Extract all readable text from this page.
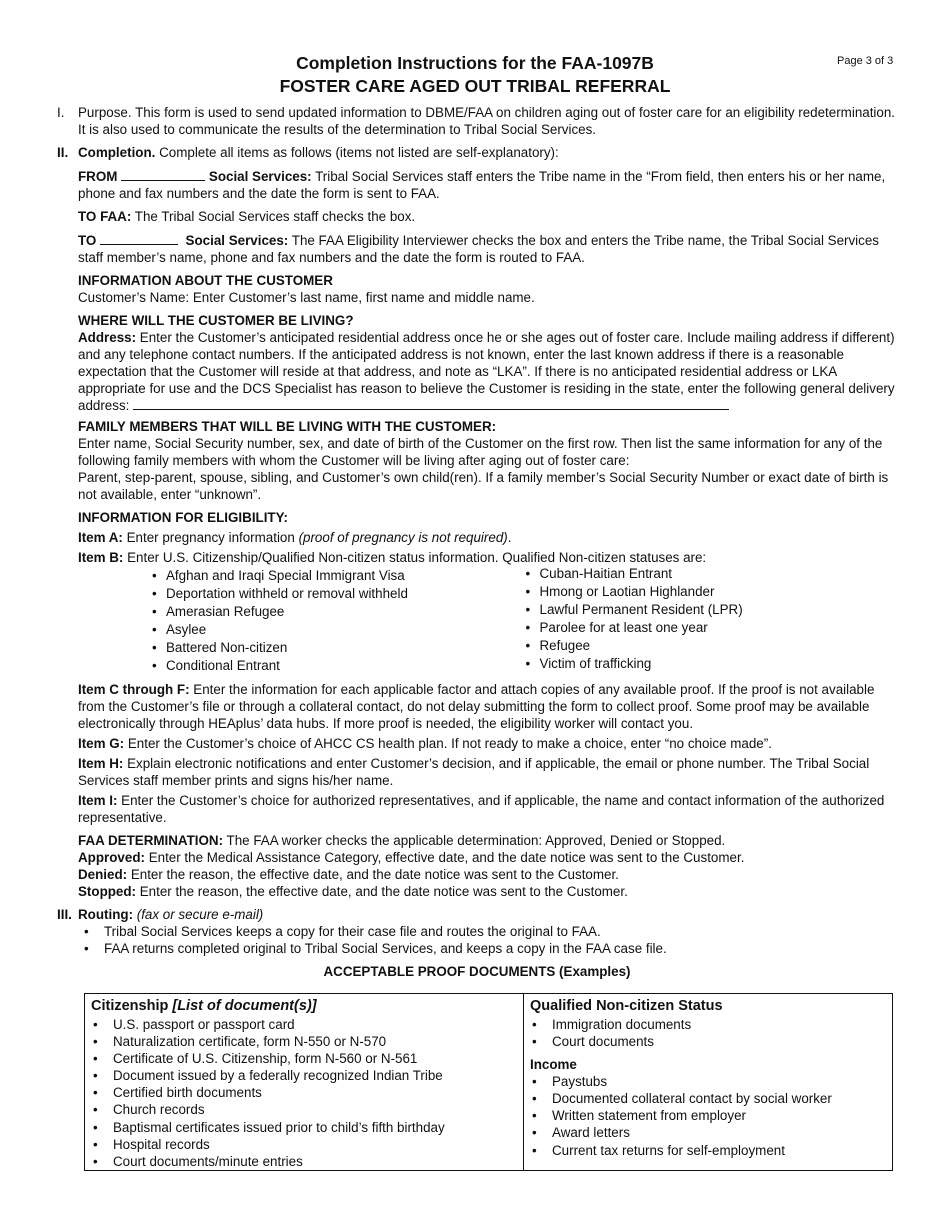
Page 3 of 3
Completion Instructions for the FAA-1097B
FOSTER CARE AGED OUT TRIBAL REFERRAL
I. Purpose. This form is used to send updated information to DBME/FAA on children aging out of foster care for an eligibility redetermination. It is also used to communicate the results of the determination to Tribal Social Services.

II. Completion. Complete all items as follows (items not listed are self-explanatory):

FROM	Social Services: Tribal Social Services staff enters the Tribe name in the “From field, then enters his or her name, phone and fax numbers and the date the form is sent to FAA.

TO FAA: The Tribal Social Services staff checks the box.

TO	Social Services: The FAA Eligibility Interviewer checks the box and enters the Tribe name, the Tribal Social Services staff member’s name, phone and fax numbers and the date the form is routed to FAA.

INFORMATION ABOUT THE CUSTOMER

Customer’s Name: Enter Customer’s last name, first name and middle name.

WHERE WILL THE CUSTOMER BE LIVING?

Address: Enter the Customer’s anticipated residential address once he or she ages out of foster care. Include mailing address if different) and any telephone contact numbers. If the anticipated address is not known, enter the last known address if there is a reasonable expectation that the Customer will reside at that address, and note as “LKA”. If there is no anticipated residential address or LKA appropriate for use and the DCS Specialist has reason to believe the Customer is residing in the state, enter the following general delivery address:

FAMILY MEMBERS THAT WILL BE LIVING WITH THE CUSTOMER:

Enter name, Social Security number, sex, and date of birth of the Customer on the first row. Then list the same information for any of the following family members with whom the Customer will be living after aging out of foster care:

Parent, step-parent, spouse, sibling, and Customer’s own child(ren). If a family member’s Social Security Number or exact date of birth is not available, enter “unknown”.

INFORMATION FOR ELIGIBILITY:

Item A: Enter pregnancy information (proof of pregnancy is not required).

Item B: Enter U.S. Citizenship/Qualified Non-citizen status information. Qualified Non-citizen statuses are:

• Afghan and Iraqi Special Immigrant Visa
• Deportation withheld or removal withheld
• Amerasian Refugee
• Asylee
• Battered Non-citizen
• Conditional Entrant
• Cuban-Haitian Entrant
• Hmong or Laotian Highlander
• Lawful Permanent Resident (LPR)
• Parolee for at least one year
• Refugee
• Victim of trafficking

Item C through F: Enter the information for each applicable factor and attach copies of any available proof. If the proof is not available from the Customer’s file or through a collateral contact, do not delay submitting the form to collect proof. Some proof may be available electronically through HEAplus’ data hubs. If more proof is needed, the eligibility worker will contact you.

Item G: Enter the Customer’s choice of AHCC CS health plan. If not ready to make a choice, enter “no choice made”.

Item H: Explain electronic notifications and enter Customer’s decision, and if applicable, the email or phone number. The Tribal Social Services staff member prints and signs his/her name.

Item I: Enter the Customer’s choice for authorized representatives, and if applicable, the name and contact information of the authorized representative.

FAA DETERMINATION: The FAA worker checks the applicable determination: Approved, Denied or Stopped.

Approved: Enter the Medical Assistance Category, effective date, and the date notice was sent to the Customer.

Denied: Enter the reason, the effective date, and the date notice was sent to the Customer.

Stopped: Enter the reason, the effective date, and the date notice was sent to the Customer.

III. Routing: (fax or secure e-mail)

• Tribal Social Services keeps a copy for their case file and routes the original to FAA.
• FAA returns completed original to Tribal Social Services, and keeps a copy in the FAA case file.

ACCEPTABLE PROOF DOCUMENTS (Examples)

Citizenship [List of document(s)]
• U.S. passport or passport card
• Naturalization certificate, form N-550 or N-570
• Certificate of U.S. Citizenship, form N-560 or N-561
• Document issued by a federally recognized Indian Tribe
• Certified birth documents
• Church records
• Baptismal certificates issued prior to child’s fifth birthday
• Hospital records
• Court documents/minute entries
Qualified Non-citizen Status
• Immigration documents
• Court documents
Income
• Paystubs
• Documented collateral contact by social worker
• Written statement from employer
• Award letters
• Current tax returns for self-employment
